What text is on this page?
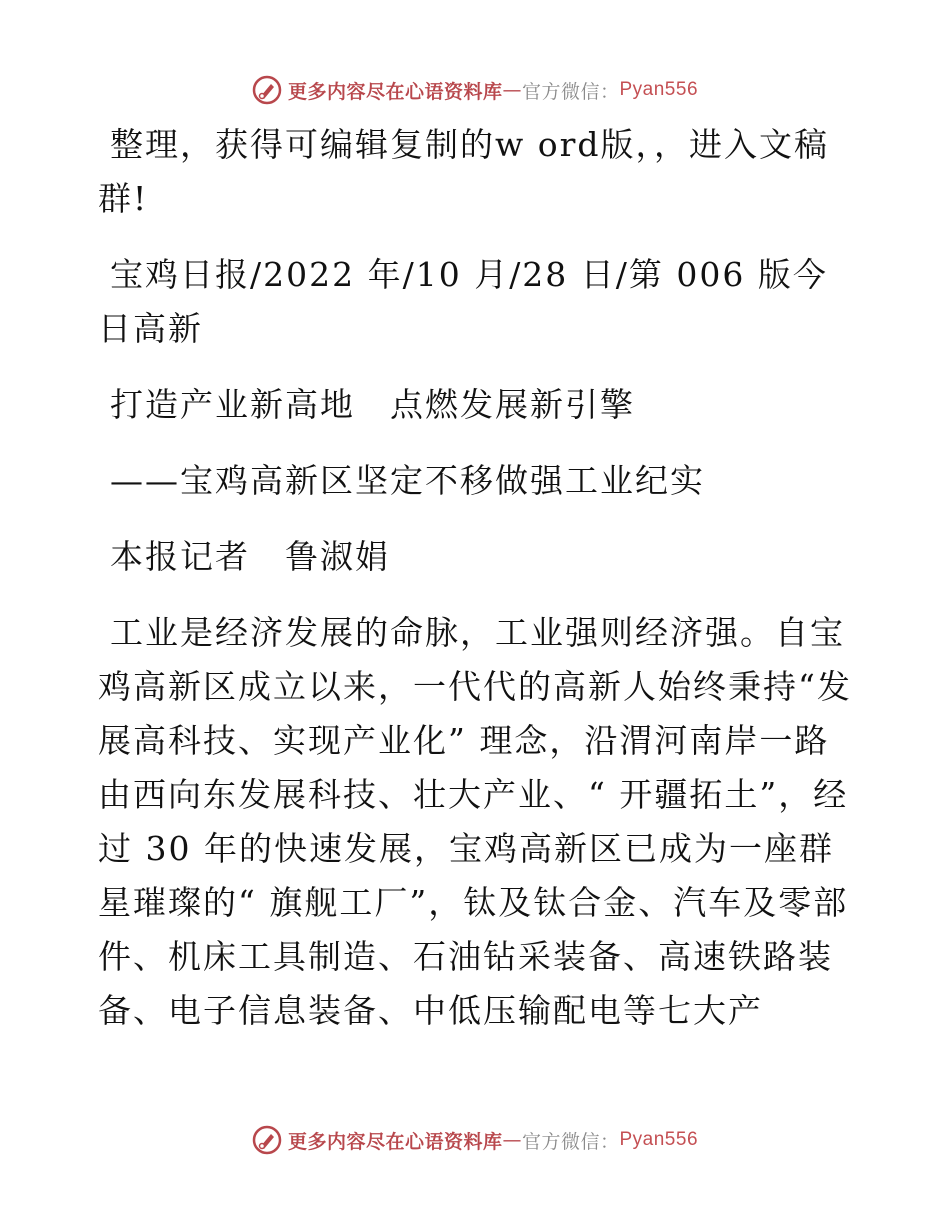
更多内容尽在心语资料库 — 官方微信： Pyan556

整理，获得可编辑复制的w ord版，，进入文稿群!

宝鸡日报/2022 年/10 月/28 日/第 006 版今日高新

打造产业新高地　点燃发展新引擎

——宝鸡高新区坚定不移做强工业纪实

本报记者　鲁淑娟

工业是经济发展的命脉，工业强则经济强。自宝鸡高新区成立以来，一代代的高新人始终秉持“发展高科技、实现产业化” 理念，沿渭河南岸一路由西向东发展科技、壮大产业、“ 开疆拓土”，经过 30 年的快速发展，宝鸡高新区已成为一座群星璀璨的“ 旗舰工厂”，钛及钛合金、汽车及零部件、机床工具制造、石油钻采装备、高速铁路装备、电子信息装备、中低压输配电等七大产

更多内容尽在心语资料库 — 官方微信： Pyan556
